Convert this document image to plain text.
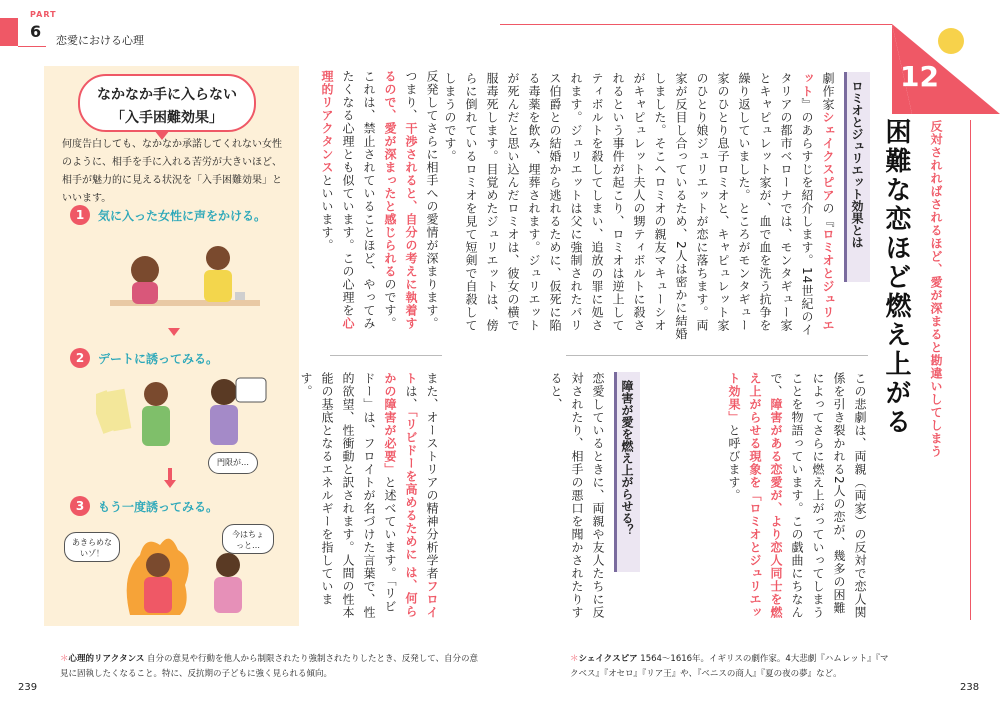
PART
6 恋愛における心理
なかなか手に入らない
「入手困難効果」
何度告白しても、なかなか承諾してくれない女性のように、相手を手に入れる苦労が大きいほど、相手が魅力的に見える状況を「入手困難効果」といいます。
1	気に入った女性に声をかける。
2	デートに誘ってみる。
門限が…
3	もう一度誘ってみる。
あきらめないゾ！
今はちょっと…
反発してさらに相手への愛情が深まります。つまり、干渉されると、自分の考えに執着するので、愛が深まったと感じられるのです。これは、禁止されていることほど、やってみたくなる心理とも似ています。この心理を心理的リアクタンスといいます。
また、オーストリアの精神分析学者フロイトは、「リビドーを高めるために は、何らかの障害が必要」と述べています。「リビドー」は、フロイトが名づけた言葉で、性的欲望、性衝動と訳されます。人間の性本能の基底となるエネルギーを指しています。
ロミオとジュリエット効果とは
劇作家シェイクスピアの『ロミオとジュリエット』のあらすじを紹介します。14世紀のイタリアの都市ベローナでは、モンタギュー家とキャピュレット家が、血で血を洗う抗争を繰り返していました。ところがモンタギュー家のひとり息子ロミオと、キャピュレット家のひとり娘ジュリエットが恋に落ちます。両家が反目し合っているため、2人は密かに結婚しました。そこへロミオの親友マキューシオがキャピュレット夫人の甥ティボルトに殺されるという事件が起こり、ロミオは逆上してティボルトを殺してしまい、追放の罪に処されます。ジュリエットは父に強制されたパリス伯爵との結婚から逃れるために、仮死に陥る毒薬を飲み、埋葬されます。ジュリエットが死んだと思い込んだロミオは、彼女の横で服毒死します。目覚めたジュリエットは、傍らに倒れているロミオを見て短剣で自殺してしまうのです。
この悲劇は、両親（両家）の反対で恋人関係を引き裂かれる2人の恋が、幾多の困難によってさらに燃え上がっていってしまうことを物語っています。この戯曲にちなんで、障害がある恋愛が、より恋人同士を燃え上がらせる現象を「ロミオとジュリエット効果」と呼びます。
障害が愛を燃え上がらせる？
恋愛しているときに、両親や友人たちに反対されたり、相手の悪口を聞かされたりすると、
12
困難な恋ほど燃え上がる	反対されればされるほど、愛が深まると勘違いしてしまう
＊心理的リアクタンス 自分の意見や行動を他人から制限されたり強制されたりしたとき、反発して、自分の意見に固執したくなること。特に、反抗期の子どもに強く見られる傾向。
＊シェイクスピア 1564～1616年。イギリスの劇作家。4大悲劇『ハムレット』『マクベス』『オセロ』『リア王』や、『ベニスの商人』『夏の夜の夢』など。
239	238
